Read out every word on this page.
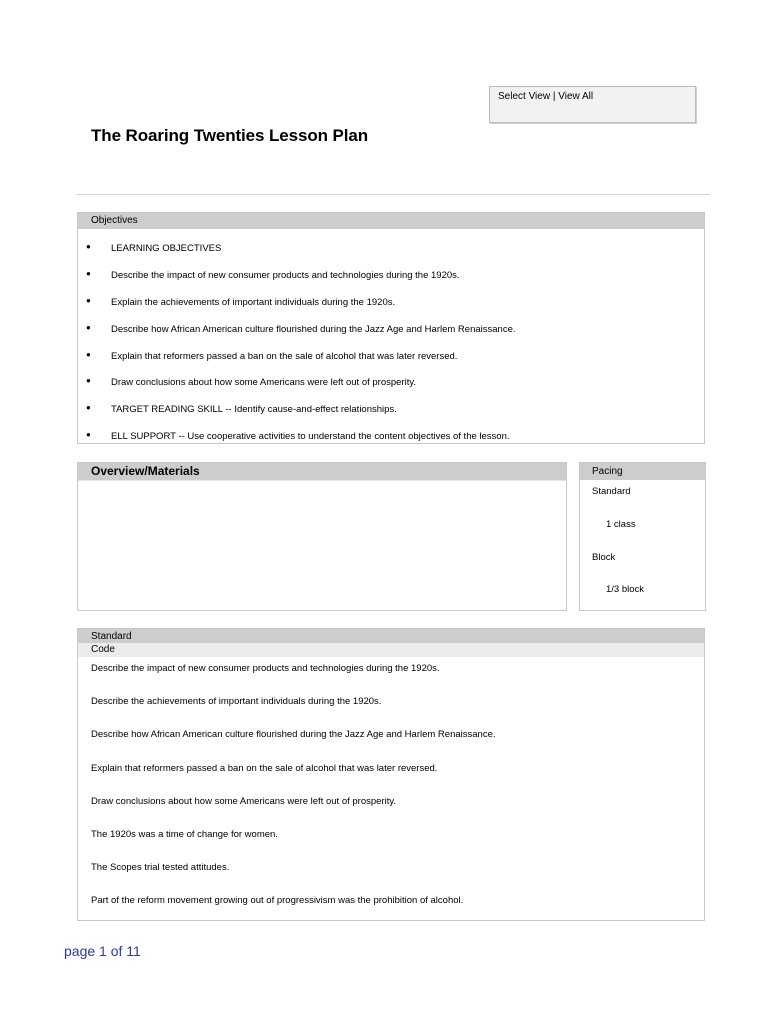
Select View | View All
The Roaring Twenties Lesson Plan
Objectives
● LEARNING OBJECTIVES
● Describe the impact of new consumer products and technologies during the 1920s.
● Explain the achievements of important individuals during the 1920s.
● Describe how African American culture flourished during the Jazz Age and Harlem Renaissance.
● Explain that reformers passed a ban on the sale of alcohol that was later reversed.
● Draw conclusions about how some Americans were left out of prosperity.
● TARGET READING SKILL -- Identify cause-and-effect relationships.
● ELL SUPPORT -- Use cooperative activities to understand the content objectives of the lesson.
Overview/Materials	Pacing
Standard
1 class
Block
1/3 block
Standard
Code
Describe the impact of new consumer products and technologies during the 1920s.
Describe the achievements of important individuals during the 1920s.
Describe how African American culture flourished during the Jazz Age and Harlem Renaissance.
Explain that reformers passed a ban on the sale of alcohol that was later reversed.
Draw conclusions about how some Americans were left out of prosperity.
The 1920s was a time of change for women.
The Scopes trial tested attitudes.
Part of the reform movement growing out of progressivism was the prohibition of alcohol.
page 1 of 11
